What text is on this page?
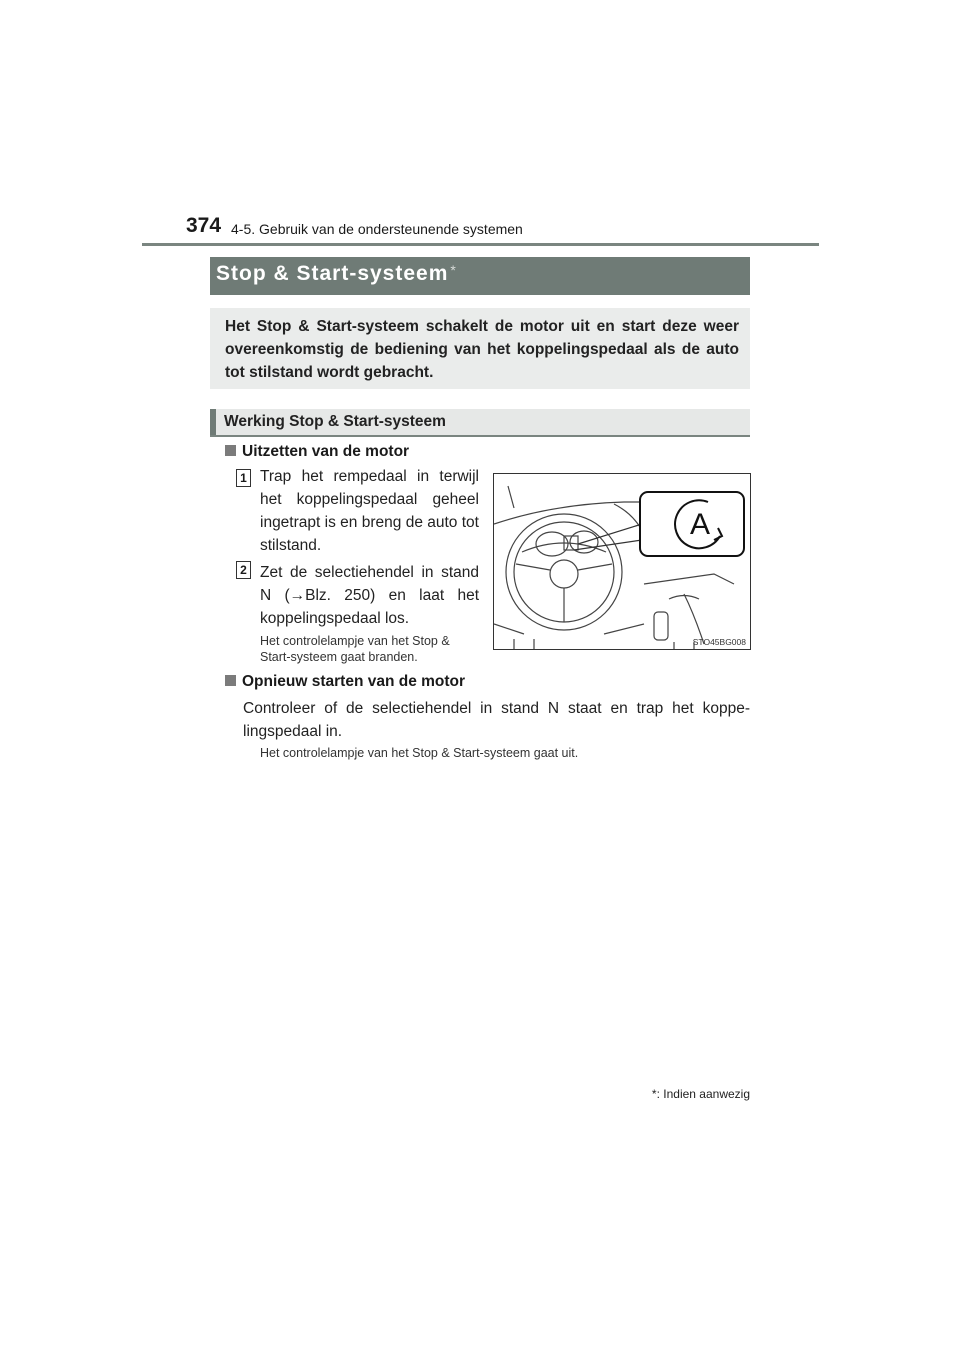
374 4-5. Gebruik van de ondersteunende systemen
Stop & Start-systeem *
Het Stop & Start-systeem schakelt de motor uit en start deze weer overeenkomstig de bediening van het koppelingspedaal als de auto tot stilstand wordt gebracht.
Werking Stop & Start-systeem
Uitzetten van de motor
1 Trap het rempedaal in terwijl het koppelingspedaal geheel ingetrapt is en breng de auto tot stilstand.
2 Zet de selectiehendel in stand N (→Blz. 250) en laat het koppelingspedaal los.
Het controlelampje van het Stop & Start-systeem gaat branden.
A
STO45BG008
Opnieuw starten van de motor
Controleer of de selectiehendel in stand N staat en trap het koppe-lingspedaal in.
Het controlelampje van het Stop & Start-systeem gaat uit.
*: Indien aanwezig
